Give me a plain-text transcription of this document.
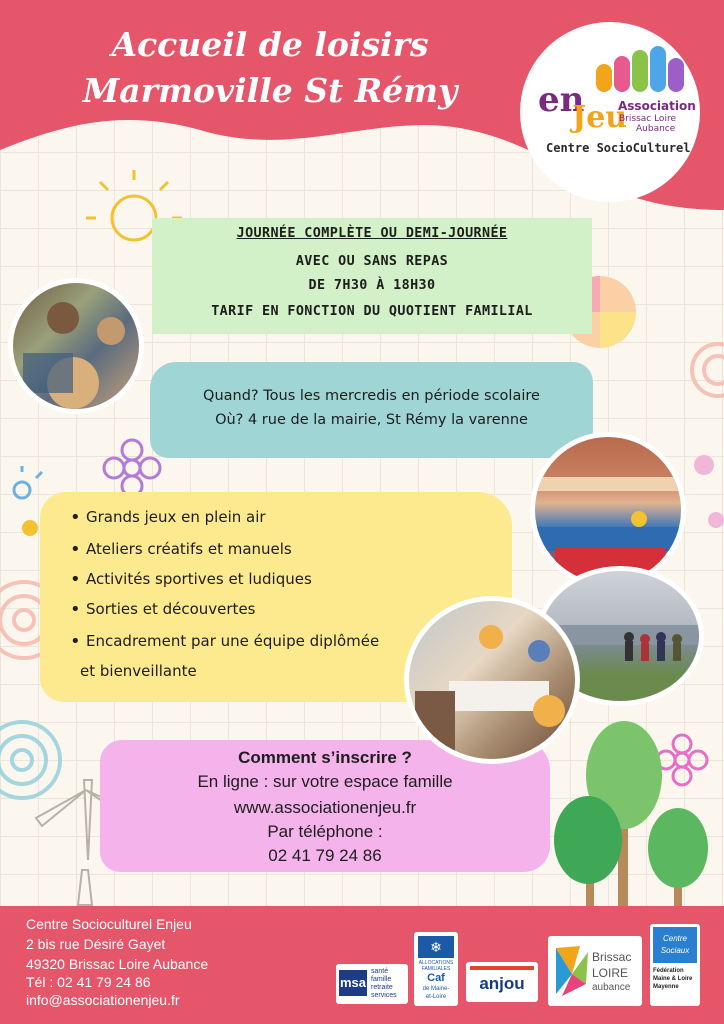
Accueil de loisirs
Marmoville St Rémy	en
Jeu
Association
Brissac Loire
Aubance
Centre SocioCulturel
JOURNÉE COMPLÈTE OU DEMI-JOURNÉE
AVEC OU SANS REPAS
DE 7H30 À 18H30
TARIF EN FONCTION DU QUOTIENT FAMILIAL
Quand? Tous les mercredis en période scolaire
Où? 4 rue de la mairie, St Rémy la varenne
• Grands jeux en plein air
• Ateliers créatifs et manuels
• Activités sportives et ludiques
• Sorties et découvertes
• Encadrement par une équipe diplômée
et bienveillante
Comment s’inscrire ?
En ligne : sur votre espace famille
www.associationenjeu.fr
Par téléphone :
02 41 79 24 86
Centre Socioculturel Enjeu
2 bis rue Désiré Gayet
49320 Brissac Loire Aubance
Tél : 02 41 79 24 86
info@associationenjeu.fr
msa
santé
famille
retraite
services
❄
ALLOCATIONS
FAMILIALES
Caf
de Maine-
et-Loire
anjou
Brissac
LOIRE
aubance
Centre Sociaux
Fédération
Maine & Loire
Mayenne
